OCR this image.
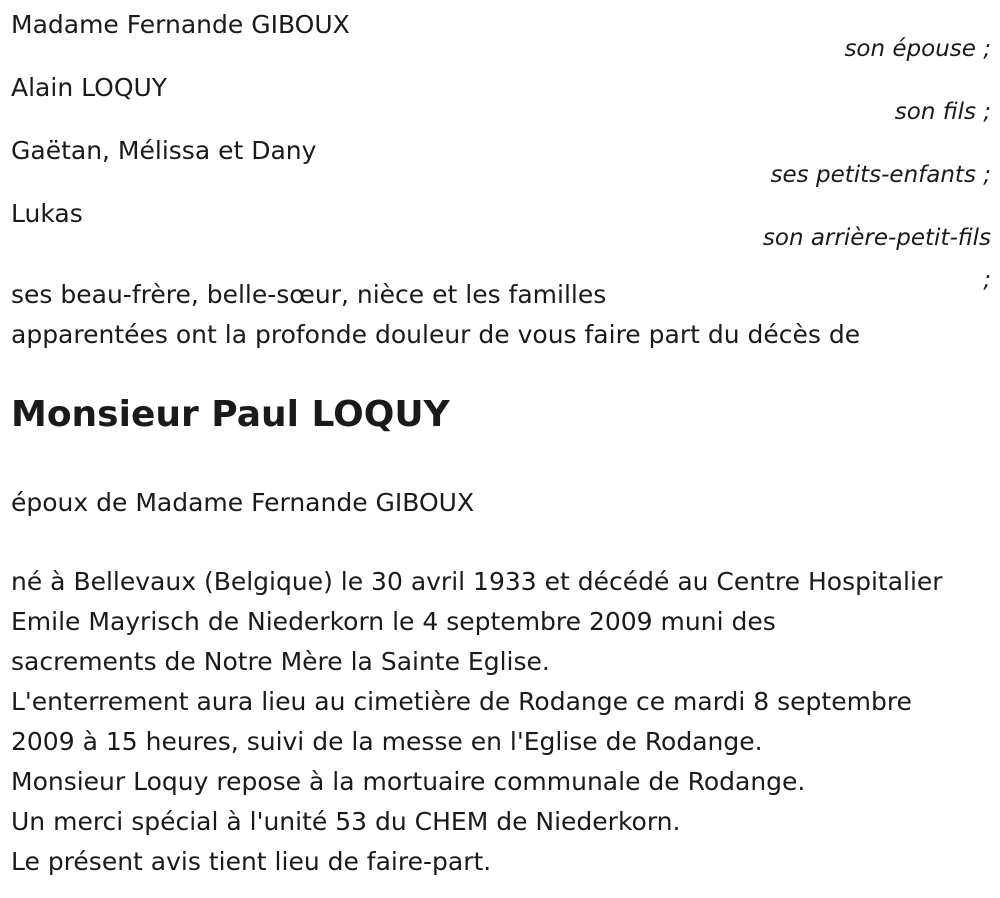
Madame Fernande GIBOUX
son épouse ;
Alain LOQUY
son fils ;
Gaëtan, Mélissa et Dany
ses petits-enfants ;
Lukas
son arrière-petit-fils
;
ses beau-frère, belle-sœur, nièce et les familles
apparentées ont la profonde douleur de vous faire part du décès de
Monsieur Paul LOQUY
époux de Madame Fernande GIBOUX
né à Bellevaux (Belgique) le 30 avril 1933 et décédé au Centre Hospitalier
Emile Mayrisch de Niederkorn le 4 septembre 2009 muni des
sacrements de Notre Mère la Sainte Eglise.
L'enterrement aura lieu au cimetière de Rodange ce mardi 8 septembre
2009 à 15 heures, suivi de la messe en l'Eglise de Rodange.
Monsieur Loquy repose à la mortuaire communale de Rodange.
Un merci spécial à l'unité 53 du CHEM de Niederkorn.
Le présent avis tient lieu de faire-part.
